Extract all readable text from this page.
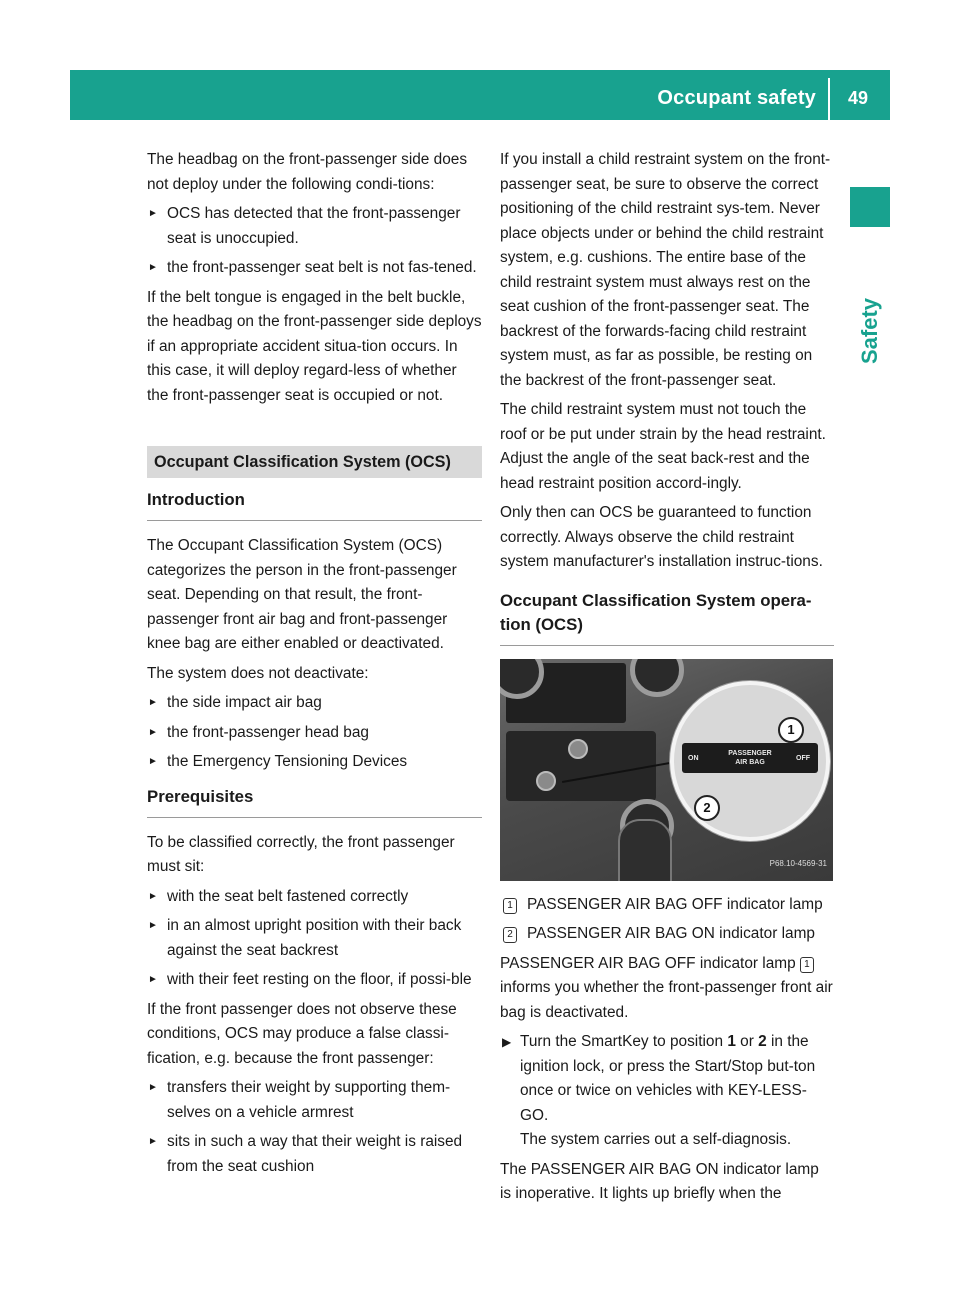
Occupant safety 49
Safety

The headbag on the front-passenger side does not deploy under the following condi-tions:

► OCS has detected that the front-passenger seat is unoccupied.
► the front-passenger seat belt is not fas-tened.

If the belt tongue is engaged in the belt buckle, the headbag on the front-passenger side deploys if an appropriate accident situa-tion occurs. In this case, it will deploy regard-less of whether the front-passenger seat is occupied or not.

Occupant Classification System (OCS)
Introduction

The Occupant Classification System (OCS) categorizes the person in the front-passenger seat. Depending on that result, the front-passenger front air bag and front-passenger knee bag are either enabled or deactivated.

The system does not deactivate:

► the side impact air bag
► the front-passenger head bag
► the Emergency Tensioning Devices
Prerequisites

To be classified correctly, the front passenger must sit:

► with the seat belt fastened correctly
► in an almost upright position with their back against the seat backrest
► with their feet resting on the floor, if possi-ble

If the front passenger does not observe these conditions, OCS may produce a false classi-fication, e.g. because the front passenger:

► transfers their weight by supporting them-selves on a vehicle armrest
► sits in such a way that their weight is raised from the seat cushion

If you install a child restraint system on the front-passenger seat, be sure to observe the correct positioning of the child restraint sys-tem. Never place objects under or behind the child restraint system, e.g. cushions. The entire base of the child restraint system must always rest on the seat cushion of the front-passenger seat. The backrest of the forwards-facing child restraint system must, as far as possible, be resting on the backrest of the front-passenger seat.

The child restraint system must not touch the roof or be put under strain by the head restraint. Adjust the angle of the seat back-rest and the head restraint position accord-ingly.

Only then can OCS be guaranteed to function correctly. Always observe the child restraint system manufacturer's installation instruc-tions.

Occupant Classification System opera-tion (OCS)
ON
PASSENGER
AIR BAG
OFF
1
2
P68.10-4569-31
1 PASSENGER AIR BAG OFF indicator lamp
2 PASSENGER AIR BAG ON indicator lamp

PASSENGER AIR BAG OFF indicator lamp 1 informs you whether the front-passenger front air bag is deactivated.

▶ Turn the SmartKey to position 1 or 2 in the ignition lock, or press the Start/Stop but-ton once or twice on vehicles with KEY-LESS-GO.
The system carries out a self-diagnosis.

The PASSENGER AIR BAG ON indicator lamp is inoperative. It lights up briefly when the
